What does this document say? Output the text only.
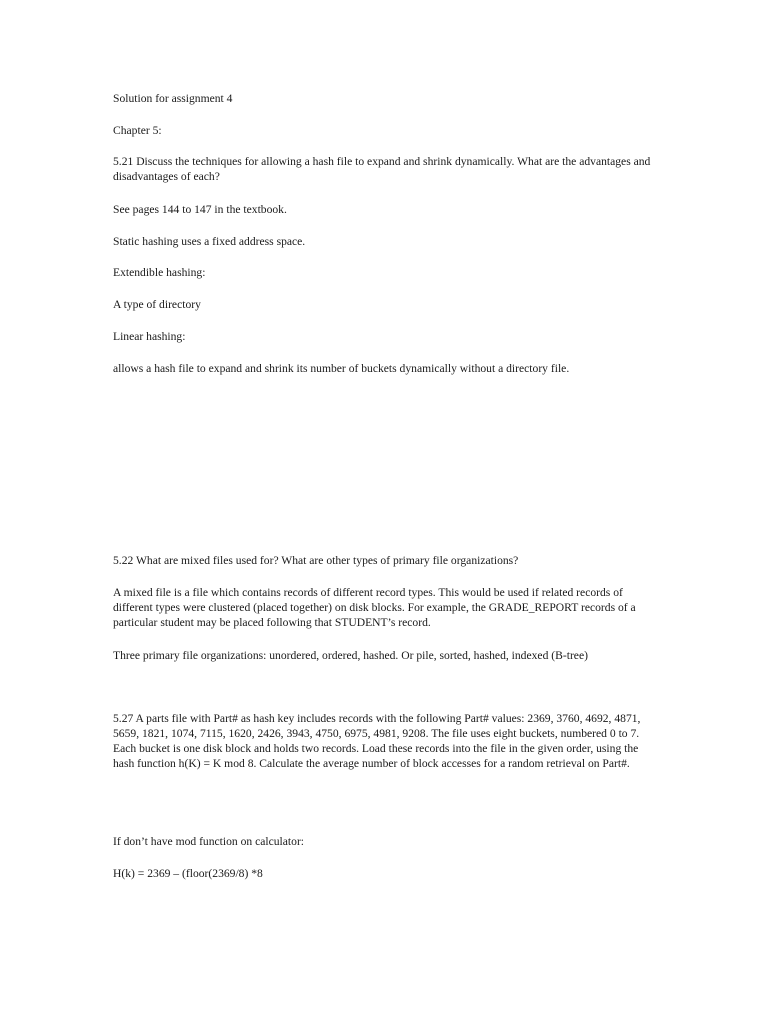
Solution for assignment 4

Chapter 5:

5.21 Discuss the techniques for allowing a hash file to expand and shrink dynamically. What are the advantages and disadvantages of each?

See pages 144 to 147 in the textbook.

Static hashing uses a fixed address space.

Extendible hashing:

A type of directory

Linear hashing:

allows a hash file to expand and shrink its number of buckets dynamically without a directory file.

5.22 What are mixed files used for? What are other types of primary file organizations?

A mixed file is a file which contains records of different record types. This would be used if related records of different types were clustered (placed together) on disk blocks. For example, the GRADE_REPORT records of a particular student may be placed following that STUDENT’s record.

Three primary file organizations: unordered, ordered, hashed. Or pile, sorted, hashed, indexed (B-tree)

5.27 A parts file with Part# as hash key includes records with the following Part# values: 2369, 3760, 4692, 4871, 5659, 1821, 1074, 7115, 1620, 2426, 3943, 4750, 6975, 4981, 9208. The file uses eight buckets, numbered 0 to 7. Each bucket is one disk block and holds two records. Load these records into the file in the given order, using the hash function h(K) = K mod 8. Calculate the average number of block accesses for a random retrieval on Part#.

If don’t have mod function on calculator:

H(k) = 2369 – (floor(2369/8) *8
